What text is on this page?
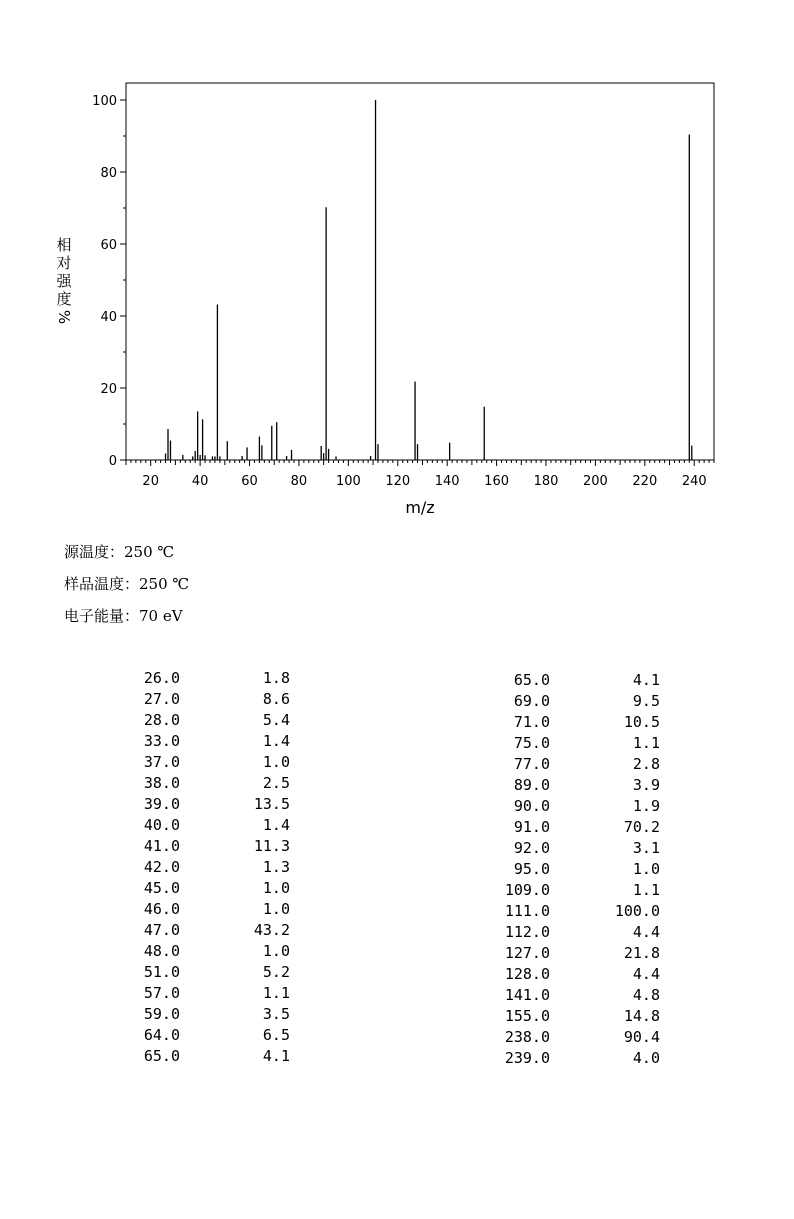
0
20
40
60
80
100
20	40	60	80 100 120 140 160 180 200 220 240
m/z
相
对
强
度
%
源温度：250 ℃
样品温度：250 ℃
电子能量：70 eV
26.0	1.8
27.0	8.6
28.0	5.4
33.0	1.4
37.0	1.0
38.0	2.5
39.0	13.5
40.0	1.4
41.0	11.3
42.0	1.3
45.0	1.0
46.0	1.0
47.0	43.2
48.0	1.0
51.0	5.2
57.0	1.1
59.0	3.5
64.0	6.5
65.0	4.1
65.0	4.1
69.0	9.5
71.0	10.5
75.0	1.1
77.0	2.8
89.0	3.9
90.0	1.9
91.0	70.2
92.0	3.1
95.0	1.0
109.0	1.1
111.0	100.0
112.0	4.4
127.0	21.8
128.0	4.4
141.0	4.8
155.0	14.8
238.0	90.4
239.0	4.0
